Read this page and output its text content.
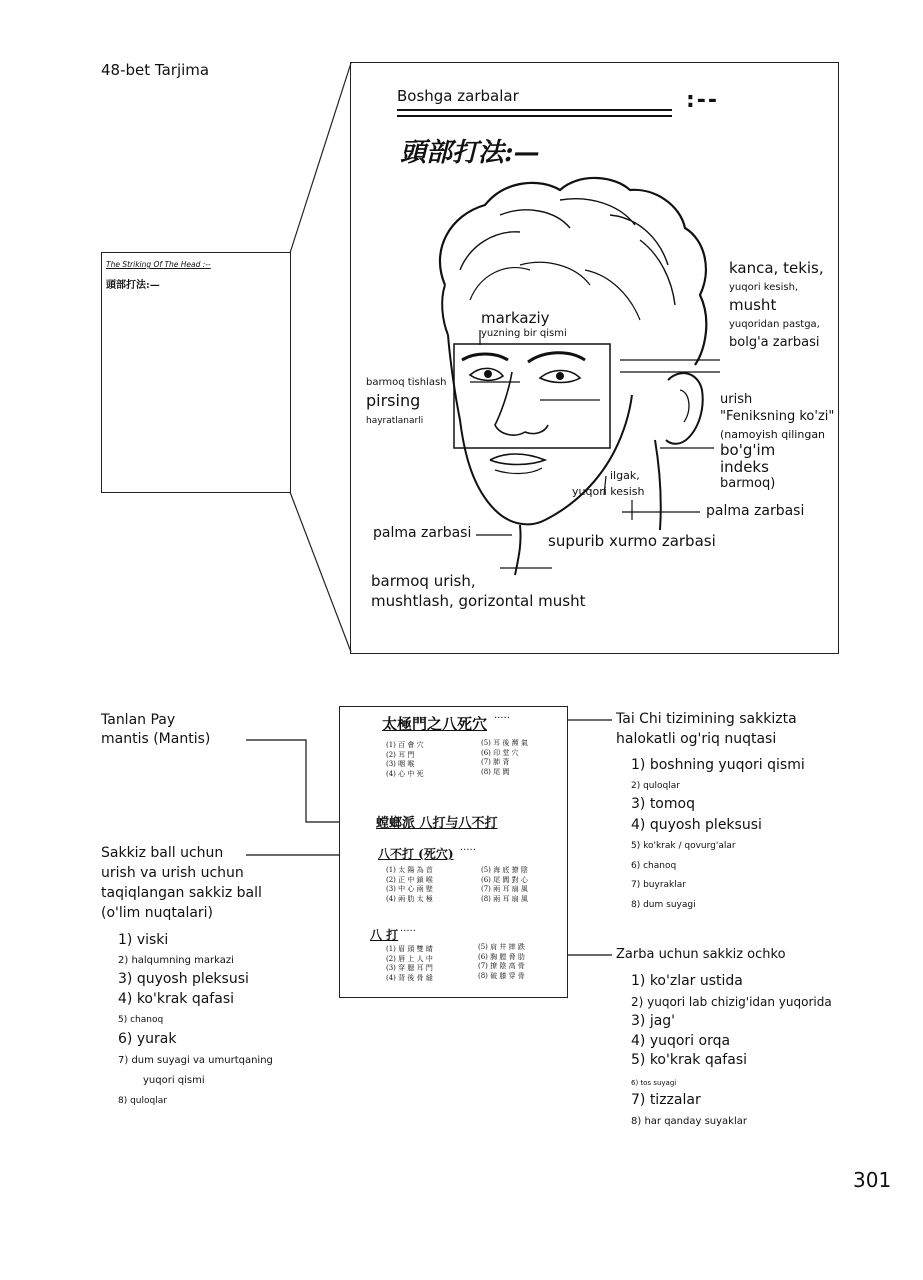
48-bet Tarjima
301
The Striking Of The Head :--
頭部打法:—
Boshga zarbalar	:--
頭部打法:—
markaziy
yuzning bir qismi
barmoq tishlash
pirsing
hayratlanarli
kanca, tekis,
yuqori kesish,
musht
yuqoridan pastga,
bolg'a zarbasi
urish
"Feniksning ko'zi"
(namoyish qilingan
bo'g'im
indeks
barmoq)
ilgak,
yuqori kesish
palma zarbasi
palma zarbasi	supurib xurmo zarbasi
barmoq urish,
mushtlash, gorizontal musht
太極門之八死穴 ·····
(1) 百 會 穴
(2) 耳 門
(3) 咽 喉
(4) 心 中 死
(5) 耳 後 瀕 氣
(6) 印 堂 穴
(7) 肺 背
(8) 尾 閭
螳螂派 八打与八不打
八不打 (死穴) ·····
(1) 太 陽 為 首
(2) 正 中 鎖 喉
(3) 中 心 兩 壁
(4) 兩 肋 太 極
(5) 海 底 撩 陰
(6) 尾 閭 對 心
(7) 兩 耳 扇 風
(8) 兩 耳 扇 風
八 打 ·····
(1) 眉 頭 雙 睛
(2) 唇 上 人 中
(3) 穿 腮 耳 門
(4) 背 後 骨 縫
(5) 肩 井 摔 跌
(6) 胸 膛 脅 肋
(7) 撩 陰 高 骨
(8) 破 膝 穿 骨
Tanlan Pay
mantis (Mantis)
Sakkiz ball uchun
urish va urish uchun
taqiqlangan sakkiz ball
(o'lim nuqtalari)
1) viski
2) halqumning markazi
3) quyosh pleksusi
4) ko'krak qafasi
5) chanoq
6) yurak
7) dum suyagi va umurtqaning
yuqori qismi
8) quloqlar
Tai Chi tizimining sakkizta
halokatli og'riq nuqtasi
1) boshning yuqori qismi
2) quloqlar
3) tomoq
4) quyosh pleksusi
5) ko'krak / qovurg'alar
6) chanoq
7) buyraklar
8) dum suyagi
Zarba uchun sakkiz ochko
1) ko'zlar ustida
2) yuqori lab chizig'idan yuqorida
3) jag'
4) yuqori orqa
5) ko'krak qafasi
6) tos suyagi
7) tizzalar
8) har qanday suyaklar
